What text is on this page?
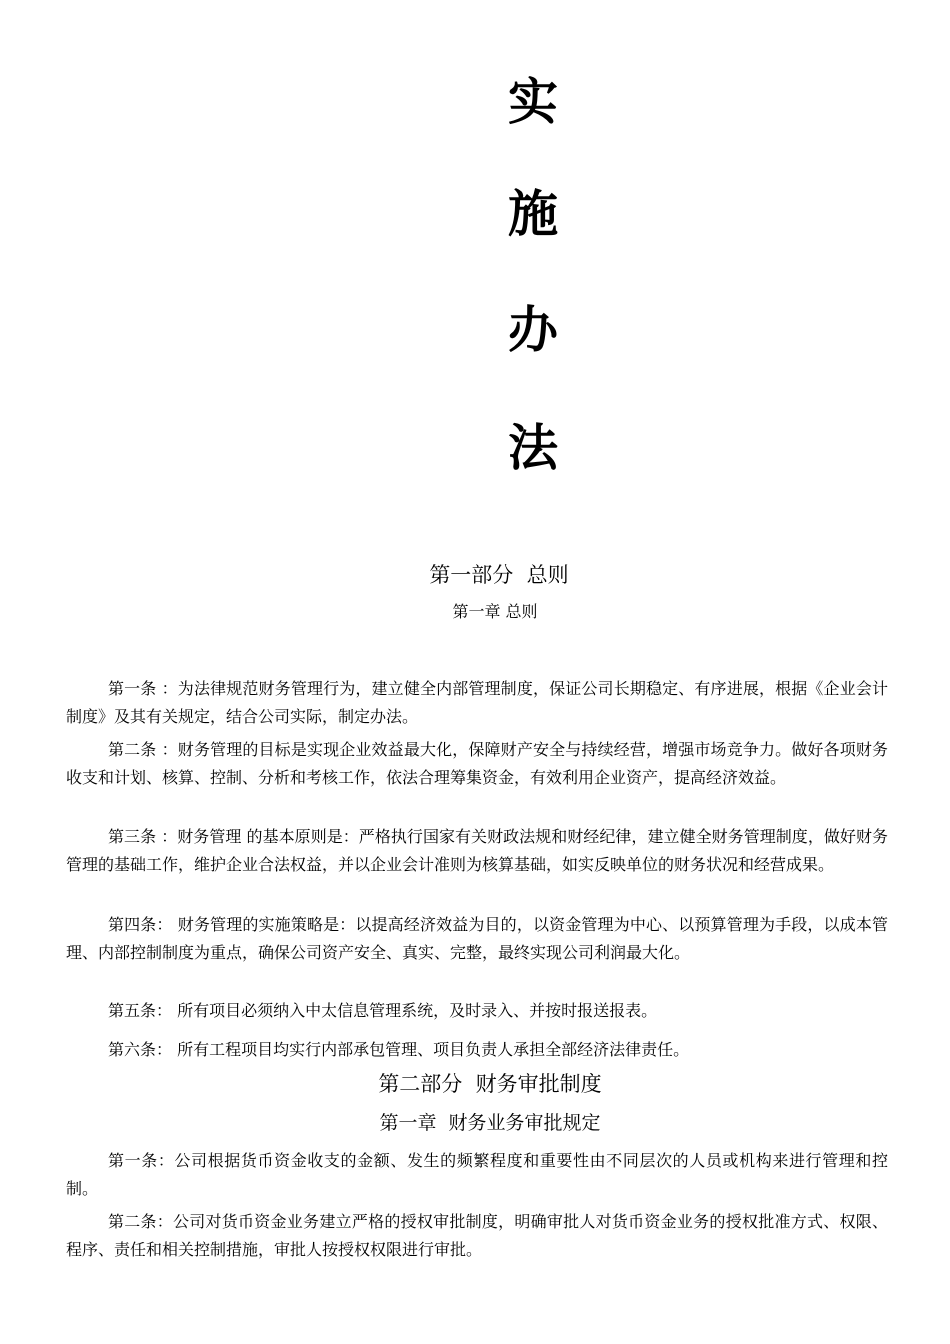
实
施
办
法
第一部分  总则
第一章 总则

第一条 ：为法律规范财务管理行为，建立健全内部管理制度，保证公司长期稳定、有序进展，根据《企业会计制度》及其有关规定，结合公司实际，制定办法。

第二条 ：财务管理的目标是实现企业效益最大化，保障财产安全与持续经营，增强市场竞争力。做好各项财务收支和计划、核算、控制、分析和考核工作，依法合理筹集资金，有效利用企业资产，提高经济效益。

第三条 ：财务管理 的基本原则是：严格执行国家有关财政法规和财经纪律，建立健全财务管理制度，做好财务管理的基础工作，维护企业合法权益，并以企业会计准则为核算基础，如实反映单位的财务状况和经营成果。

第四条： 财务管理的实施策略是：以提高经济效益为目的，以资金管理为中心、以预算管理为手段，以成本管理、内部控制制度为重点，确保公司资产安全、真实、完整，最终实现公司利润最大化。

第五条： 所有项目必须纳入中太信息管理系统，及时录入、并按时报送报表。

第六条： 所有工程项目均实行内部承包管理、项目负责人承担全部经济法律责任。

第二部分  财务审批制度
第一章  财务业务审批规定

第一条：公司根据货币资金收支的金额、发生的频繁程度和重要性由不同层次的人员或机构来进行管理和控制。

第二条：公司对货币资金业务建立严格的授权审批制度，明确审批人对货币资金业务的授权批准方式、权限、程序、责任和相关控制措施，审批人按授权权限进行审批。
